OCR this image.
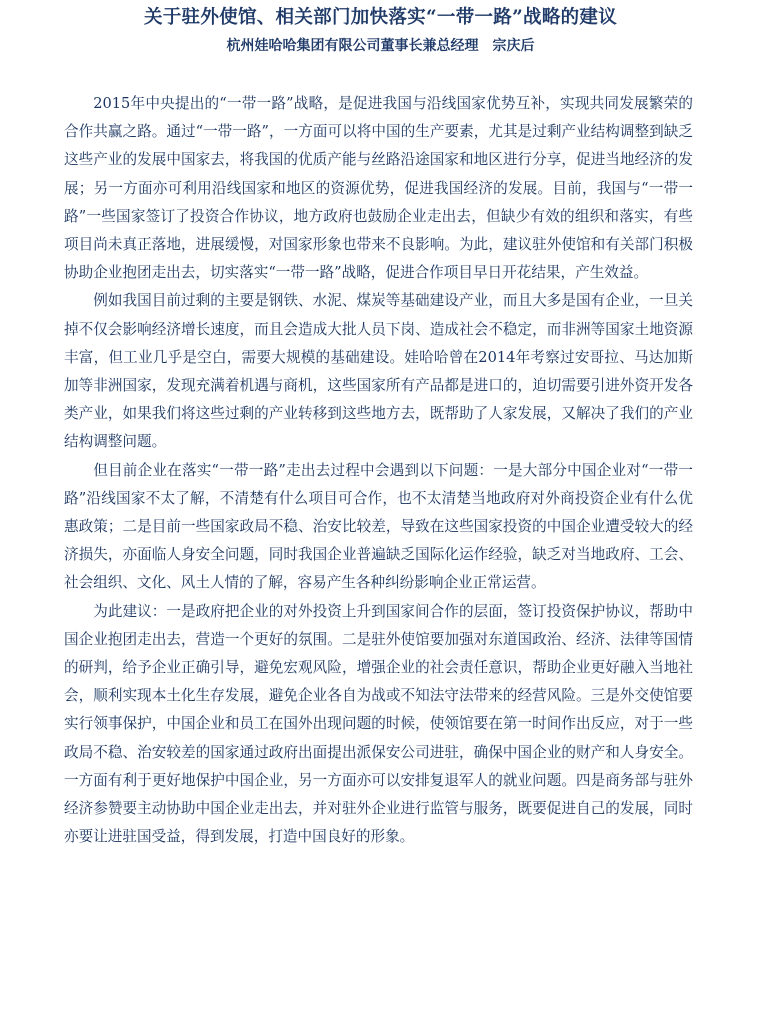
关于驻外使馆、相关部门加快落实“一带一路”战略的建议
杭州娃哈哈集团有限公司董事长兼总经理　宗庆后

2015年中央提出的“一带一路”战略，是促进我国与沿线国家优势互补，实现共同发展繁荣的合作共赢之路。通过“一带一路”，一方面可以将中国的生产要素，尤其是过剩产业结构调整到缺乏这些产业的发展中国家去，将我国的优质产能与丝路沿途国家和地区进行分享，促进当地经济的发展；另一方面亦可利用沿线国家和地区的资源优势，促进我国经济的发展。目前，我国与“一带一路”一些国家签订了投资合作协议，地方政府也鼓励企业走出去，但缺少有效的组织和落实，有些项目尚未真正落地，进展缓慢，对国家形象也带来不良影响。为此，建议驻外使馆和有关部门积极协助企业抱团走出去，切实落实“一带一路”战略，促进合作项目早日开花结果，产生效益。

例如我国目前过剩的主要是钢铁、水泥、煤炭等基础建设产业，而且大多是国有企业，一旦关掉不仅会影响经济增长速度，而且会造成大批人员下岗、造成社会不稳定，而非洲等国家土地资源丰富，但工业几乎是空白，需要大规模的基础建设。娃哈哈曾在2014年考察过安哥拉、马达加斯加等非洲国家，发现充满着机遇与商机，这些国家所有产品都是进口的，迫切需要引进外资开发各类产业，如果我们将这些过剩的产业转移到这些地方去，既帮助了人家发展，又解决了我们的产业结构调整问题。

但目前企业在落实“一带一路”走出去过程中会遇到以下问题：一是大部分中国企业对“一带一路”沿线国家不太了解，不清楚有什么项目可合作，也不太清楚当地政府对外商投资企业有什么优惠政策；二是目前一些国家政局不稳、治安比较差，导致在这些国家投资的中国企业遭受较大的经济损失，亦面临人身安全问题，同时我国企业普遍缺乏国际化运作经验，缺乏对当地政府、工会、社会组织、文化、风土人情的了解，容易产生各种纠纷影响企业正常运营。

为此建议：一是政府把企业的对外投资上升到国家间合作的层面，签订投资保护协议，帮助中国企业抱团走出去，营造一个更好的氛围。二是驻外使馆要加强对东道国政治、经济、法律等国情的研判，给予企业正确引导，避免宏观风险，增强企业的社会责任意识，帮助企业更好融入当地社会，顺利实现本土化生存发展，避免企业各自为战或不知法守法带来的经营风险。三是外交使馆要实行领事保护，中国企业和员工在国外出现问题的时候，使领馆要在第一时间作出反应，对于一些政局不稳、治安较差的国家通过政府出面提出派保安公司进驻，确保中国企业的财产和人身安全。一方面有利于更好地保护中国企业，另一方面亦可以安排复退军人的就业问题。四是商务部与驻外经济参赞要主动协助中国企业走出去，并对驻外企业进行监管与服务，既要促进自己的发展，同时亦要让进驻国受益，得到发展，打造中国良好的形象。
